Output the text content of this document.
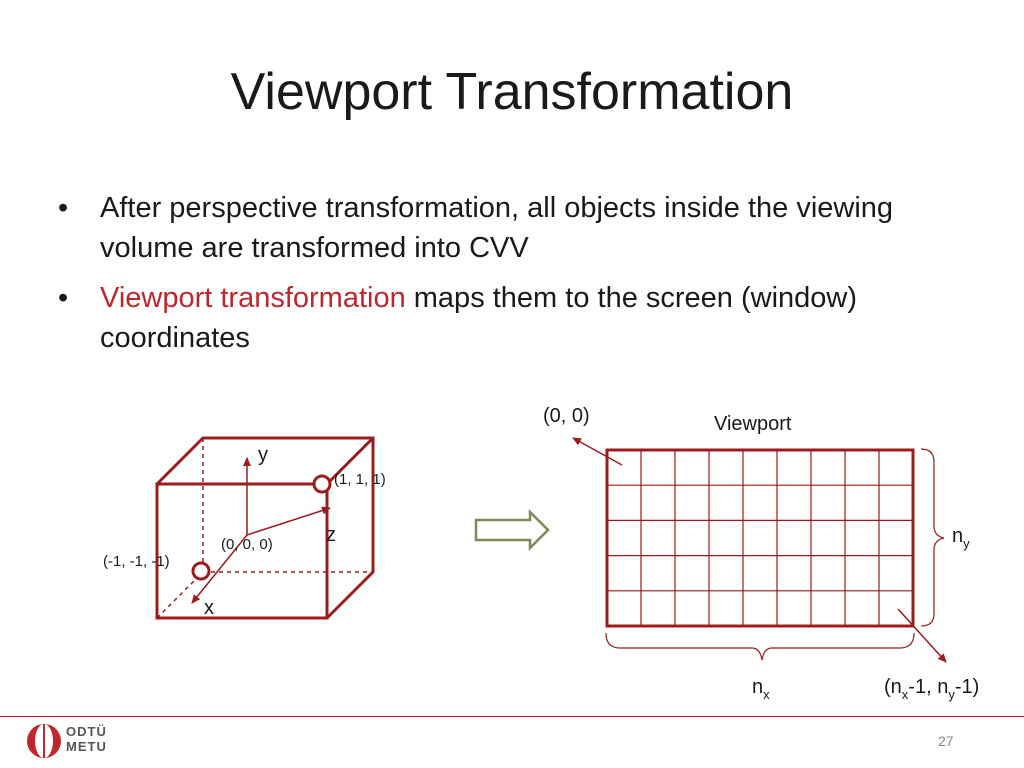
Viewport Transformation
• After perspective transformation, all objects inside the viewing volume are transformed into CVV
• Viewport transformation maps them to the screen (window) coordinates
y
z
x
(1, 1, 1)
(-1, -1, -1)
(0, 0, 0)
Viewport
(0, 0)
$n_y$
$n_x$	($n_x-1$, $n_y-1$)
ODTÜ
METU	27
